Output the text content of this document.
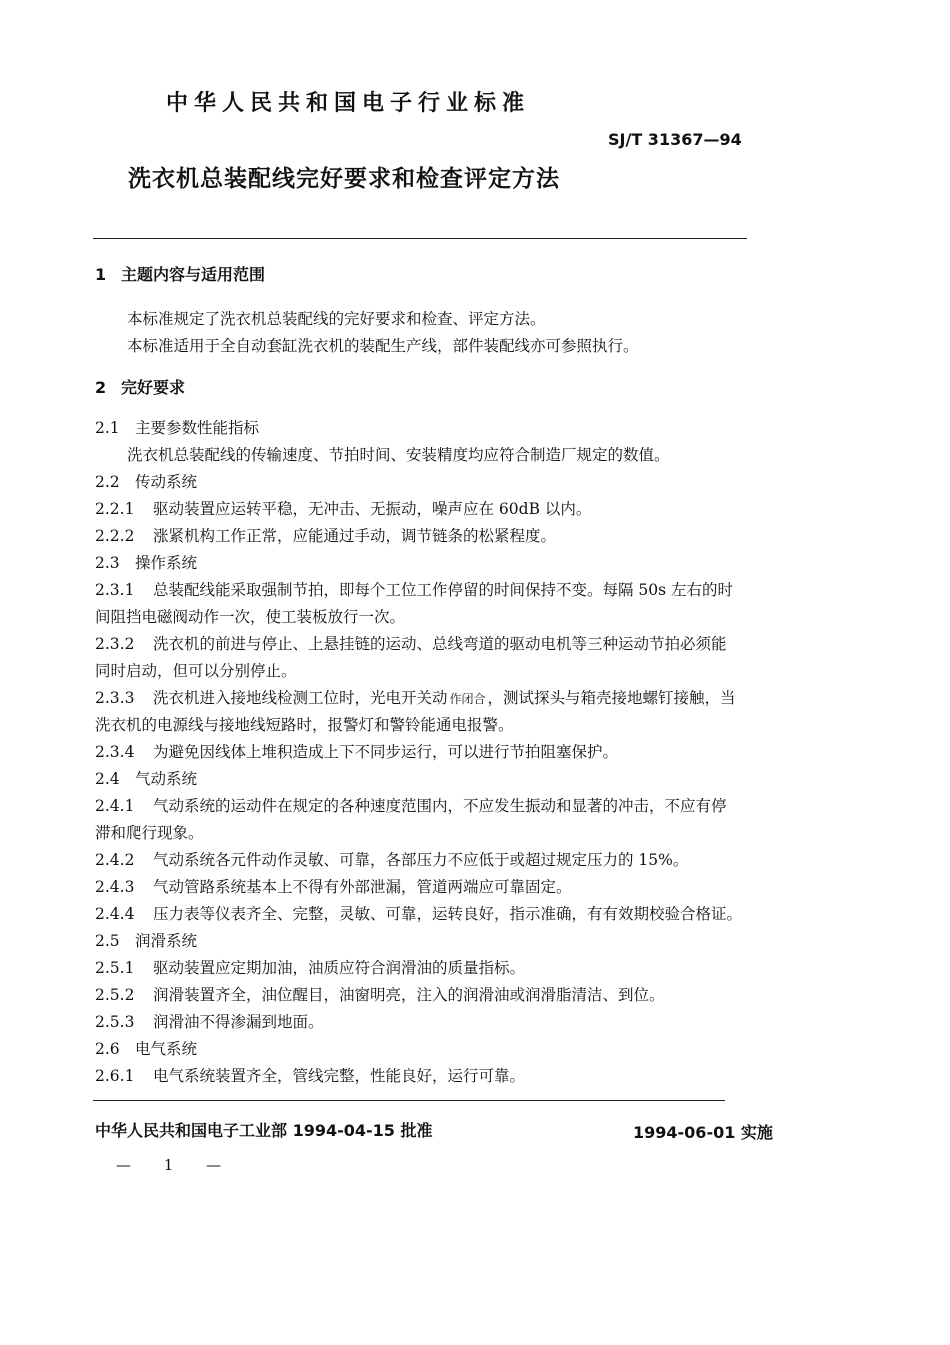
中华人民共和国电子行业标准
SJ/T 31367—94
洗衣机总装配线完好要求和检查评定方法
1 主题内容与适用范围
本标准规定了洗衣机总装配线的完好要求和检查、评定方法。
本标准适用于全自动套缸洗衣机的装配生产线，部件装配线亦可参照执行。
2 完好要求
2.1 主要参数性能指标
洗衣机总装配线的传输速度、节拍时间、安装精度均应符合制造厂规定的数值。
2.2 传动系统
2.2.1 驱动装置应运转平稳，无冲击、无振动，噪声应在 60dB 以内。
2.2.2 涨紧机构工作正常，应能通过手动，调节链条的松紧程度。
2.3 操作系统
2.3.1 总装配线能采取强制节拍，即每个工位工作停留的时间保持不变。每隔 50s 左右的时
间阻挡电磁阀动作一次，使工装板放行一次。
2.3.2 洗衣机的前进与停止、上悬挂链的运动、总线弯道的驱动电机等三种运动节拍必须能
同时启动，但可以分别停止。
2.3.3 洗衣机进入接地线检测工位时，光电开关动 作闭合 ，测试探头与箱壳接地螺钉接触，当
洗衣机的电源线与接地线短路时，报警灯和警铃能通电报警。
2.3.4 为避免因线体上堆积造成上下不同步运行，可以进行节拍阻塞保护。
2.4 气动系统
2.4.1 气动系统的运动件在规定的各种速度范围内，不应发生振动和显著的冲击，不应有停
滞和爬行现象。
2.4.2 气动系统各元件动作灵敏、可靠，各部压力不应低于或超过规定压力的 15%。
2.4.3 气动管路系统基本上不得有外部泄漏，管道两端应可靠固定。
2.4.4 压力表等仪表齐全、完整，灵敏、可靠，运转良好，指示准确，有有效期校验合格证。
2.5 润滑系统
2.5.1 驱动装置应定期加油，油质应符合润滑油的质量指标。
2.5.2 润滑装置齐全，油位醒目，油窗明亮，注入的润滑油或润滑脂清洁、到位。
2.5.3 润滑油不得渗漏到地面。
2.6 电气系统
2.6.1 电气系统装置齐全，管线完整，性能良好，运行可靠。
中华人民共和国电子工业部 1994-04-15 批准	1994-06-01 实施
— 1 —
